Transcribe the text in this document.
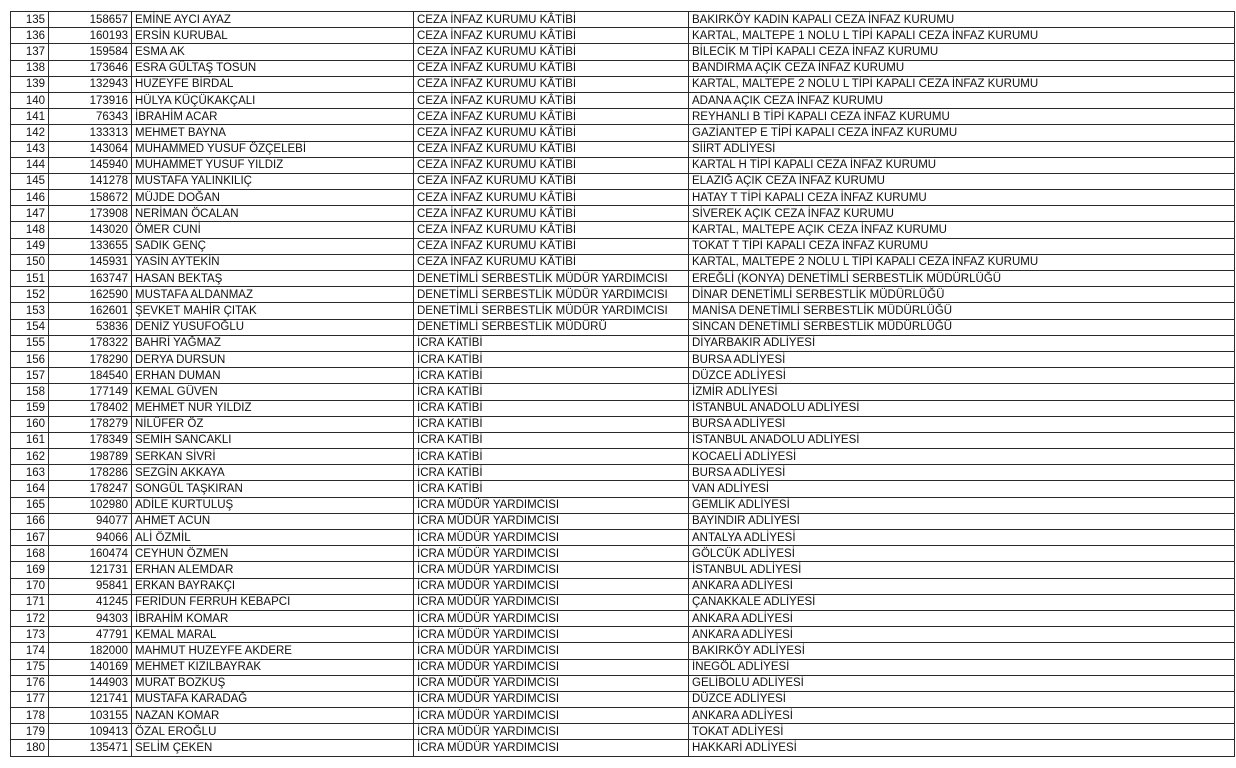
135	158657	EMİNE AYCI AYAZ	CEZA İNFAZ KURUMU KÂTİBİ	BAKIRKÖY KADIN KAPALI CEZA İNFAZ KURUMU
136	160193	ERSİN KURUBAL	CEZA İNFAZ KURUMU KÂTİBİ	KARTAL, MALTEPE 1 NOLU L TİPİ KAPALI CEZA İNFAZ KURUMU
137	159584	ESMA AK	CEZA İNFAZ KURUMU KÂTİBİ	BİLECİK M TİPİ KAPALI CEZA İNFAZ KURUMU
138	173646	ESRA GÜLTAŞ TOSUN	CEZA İNFAZ KURUMU KÂTİBİ	BANDIRMA AÇIK CEZA İNFAZ KURUMU
139	132943	HUZEYFE BİRDAL	CEZA İNFAZ KURUMU KÂTİBİ	KARTAL, MALTEPE 2 NOLU L TİPİ KAPALI CEZA İNFAZ KURUMU
140	173916	HÜLYA KÜÇÜKAKÇALI	CEZA İNFAZ KURUMU KÂTİBİ	ADANA AÇIK CEZA İNFAZ KURUMU
141	76343	İBRAHİM ACAR	CEZA İNFAZ KURUMU KÂTİBİ	REYHANLI B TİPİ KAPALI CEZA İNFAZ KURUMU
142	133313	MEHMET BAYNA	CEZA İNFAZ KURUMU KÂTİBİ	GAZİANTEP E TİPİ KAPALI CEZA İNFAZ KURUMU
143	143064	MUHAMMED YUSUF ÖZÇELEBİ	CEZA İNFAZ KURUMU KÂTİBİ	SİİRT ADLİYESİ
144	145940	MUHAMMET YUSUF YILDIZ	CEZA İNFAZ KURUMU KÂTİBİ	KARTAL H TİPİ KAPALI CEZA İNFAZ KURUMU
145	141278	MUSTAFA YALINKILIÇ	CEZA İNFAZ KURUMU KÂTİBİ	ELAZIĞ AÇIK CEZA İNFAZ KURUMU
146	158672	MÜJDE DOĞAN	CEZA İNFAZ KURUMU KÂTİBİ	HATAY T TİPİ KAPALI CEZA İNFAZ KURUMU
147	173908	NERİMAN ÖCALAN	CEZA İNFAZ KURUMU KÂTİBİ	SİVEREK AÇIK CEZA İNFAZ KURUMU
148	143020	ÖMER CUNİ	CEZA İNFAZ KURUMU KÂTİBİ	KARTAL, MALTEPE AÇIK CEZA İNFAZ KURUMU
149	133655	SADIK GENÇ	CEZA İNFAZ KURUMU KÂTİBİ	TOKAT T TİPİ KAPALI CEZA İNFAZ KURUMU
150	145931	YASİN AYTEKİN	CEZA İNFAZ KURUMU KÂTİBİ	KARTAL, MALTEPE 2 NOLU L TİPİ KAPALI CEZA İNFAZ KURUMU
151	163747	HASAN BEKTAŞ	DENETİMLİ SERBESTLİK MÜDÜR YARDIMCISI	EREĞLİ (KONYA) DENETİMLİ SERBESTLİK MÜDÜRLÜĞÜ
152	162590	MUSTAFA ALDANMAZ	DENETİMLİ SERBESTLİK MÜDÜR YARDIMCISI	DİNAR DENETİMLİ SERBESTLİK MÜDÜRLÜĞÜ
153	162601	ŞEVKET MAHİR ÇITAK	DENETİMLİ SERBESTLİK MÜDÜR YARDIMCISI	MANİSA DENETİMLİ SERBESTLİK MÜDÜRLÜĞÜ
154	53836	DENİZ YUSUFOĞLU	DENETİMLİ SERBESTLİK MÜDÜRÜ	SİNCAN DENETİMLİ SERBESTLİK MÜDÜRLÜĞÜ
155	178322	BAHRİ YAĞMAZ	İCRA KATİBİ	DİYARBAKIR ADLİYESİ
156	178290	DERYA DURSUN	İCRA KATİBİ	BURSA ADLİYESİ
157	184540	ERHAN DUMAN	İCRA KATİBİ	DÜZCE ADLİYESİ
158	177149	KEMAL GÜVEN	İCRA KATİBİ	İZMİR ADLİYESİ
159	178402	MEHMET NUR YILDIZ	İCRA KATİBİ	İSTANBUL ANADOLU ADLİYESİ
160	178279	NİLÜFER ÖZ	İCRA KATİBİ	BURSA ADLİYESİ
161	178349	SEMİH SANCAKLI	İCRA KATİBİ	İSTANBUL ANADOLU ADLİYESİ
162	198789	SERKAN SİVRİ	İCRA KATİBİ	KOCAELİ ADLİYESİ
163	178286	SEZGİN AKKAYA	İCRA KATİBİ	BURSA ADLİYESİ
164	178247	SONGÜL TAŞKIRAN	İCRA KATİBİ	VAN ADLİYESİ
165	102980	ADİLE KURTULUŞ	İCRA MÜDÜR YARDIMCISI	GEMLİK ADLİYESİ
166	94077	AHMET ACUN	İCRA MÜDÜR YARDIMCISI	BAYINDIR ADLİYESİ
167	94066	ALİ ÖZMİL	İCRA MÜDÜR YARDIMCISI	ANTALYA ADLİYESİ
168	160474	CEYHUN ÖZMEN	İCRA MÜDÜR YARDIMCISI	GÖLCÜK ADLİYESİ
169	121731	ERHAN ALEMDAR	İCRA MÜDÜR YARDIMCISI	İSTANBUL ADLİYESİ
170	95841	ERKAN BAYRAKÇI	İCRA MÜDÜR YARDIMCISI	ANKARA ADLİYESİ
171	41245	FERİDUN FERRUH KEBAPCI	İCRA MÜDÜR YARDIMCISI	ÇANAKKALE ADLİYESİ
172	94303	İBRAHİM KOMAR	İCRA MÜDÜR YARDIMCISI	ANKARA ADLİYESİ
173	47791	KEMAL MARAL	İCRA MÜDÜR YARDIMCISI	ANKARA ADLİYESİ
174	182000	MAHMUT HUZEYFE AKDERE	İCRA MÜDÜR YARDIMCISI	BAKIRKÖY ADLİYESİ
175	140169	MEHMET KIZILBAYRAK	İCRA MÜDÜR YARDIMCISI	İNEGÖL ADLİYESİ
176	144903	MURAT BOZKUŞ	İCRA MÜDÜR YARDIMCISI	GELİBOLU ADLİYESİ
177	121741	MUSTAFA KARADAĞ	İCRA MÜDÜR YARDIMCISI	DÜZCE ADLİYESİ
178	103155	NAZAN KOMAR	İCRA MÜDÜR YARDIMCISI	ANKARA ADLİYESİ
179	109413	ÖZAL EROĞLU	İCRA MÜDÜR YARDIMCISI	TOKAT ADLİYESİ
180	135471	SELİM ÇEKEN	İCRA MÜDÜR YARDIMCISI	HAKKARİ ADLİYESİ
